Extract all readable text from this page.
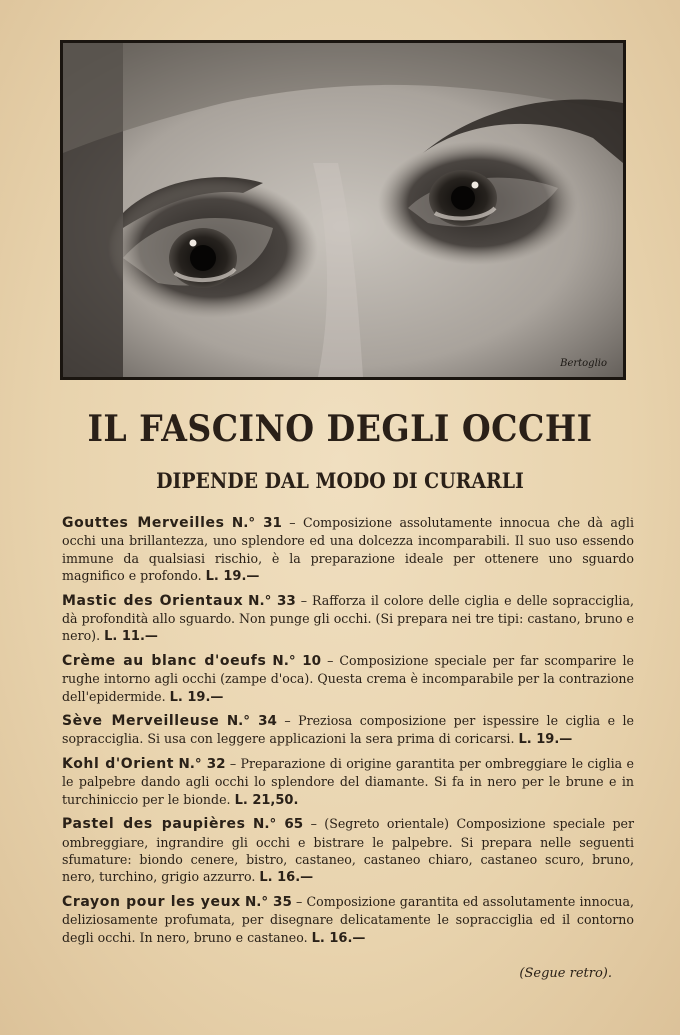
Bertoglio
IL FASCINO DEGLI OCCHI
DIPENDE DAL MODO DI CURARLI
Gouttes Merveilles N.° 31 – Composizione assolutamente innocua che dà agli occhi una brillantezza, uno splendore ed una dolcezza incomparabili. Il suo uso essendo immune da qualsiasi rischio, è la preparazione ideale per ottenere uno sguardo magnifico e profondo. L. 19.—
Mastic des Orientaux N.° 33 – Rafforza il colore delle ciglia e delle sopracciglia, dà profondità allo sguardo. Non punge gli occhi. (Si prepara nei tre tipi: castano, bruno e nero). L. 11.—
Crème au blanc d'oeufs N.° 10 – Composizione speciale per far scomparire le rughe intorno agli occhi (zampe d'oca). Questa crema è incomparabile per la contrazione dell'epidermide. L. 19.—
Sève Merveilleuse N.° 34 – Preziosa composizione per ispessire le ciglia e le sopracciglia. Si usa con leggere applicazioni la sera prima di coricarsi. L. 19.—
Kohl d'Orient N.° 32 – Preparazione di origine garantita per ombreggiare le ciglia e le palpebre dando agli occhi lo splendore del diamante. Si fa in nero per le brune e in turchiniccio per le bionde. L. 21,50.
Pastel des paupières N.° 65 – (Segreto orientale) Composizione speciale per ombreggiare, ingrandire gli occhi e bistrare le palpebre. Si prepara nelle seguenti sfumature: biondo cenere, bistro, castaneo, castaneo chiaro, castaneo scuro, bruno, nero, turchino, grigio azzurro. L. 16.—
Crayon pour les yeux N.° 35 – Composizione garantita ed assolutamente innocua, deliziosamente profumata, per disegnare delicatamente le sopracciglia ed il contorno degli occhi. In nero, bruno e castaneo. L. 16.—
(Segue retro).
